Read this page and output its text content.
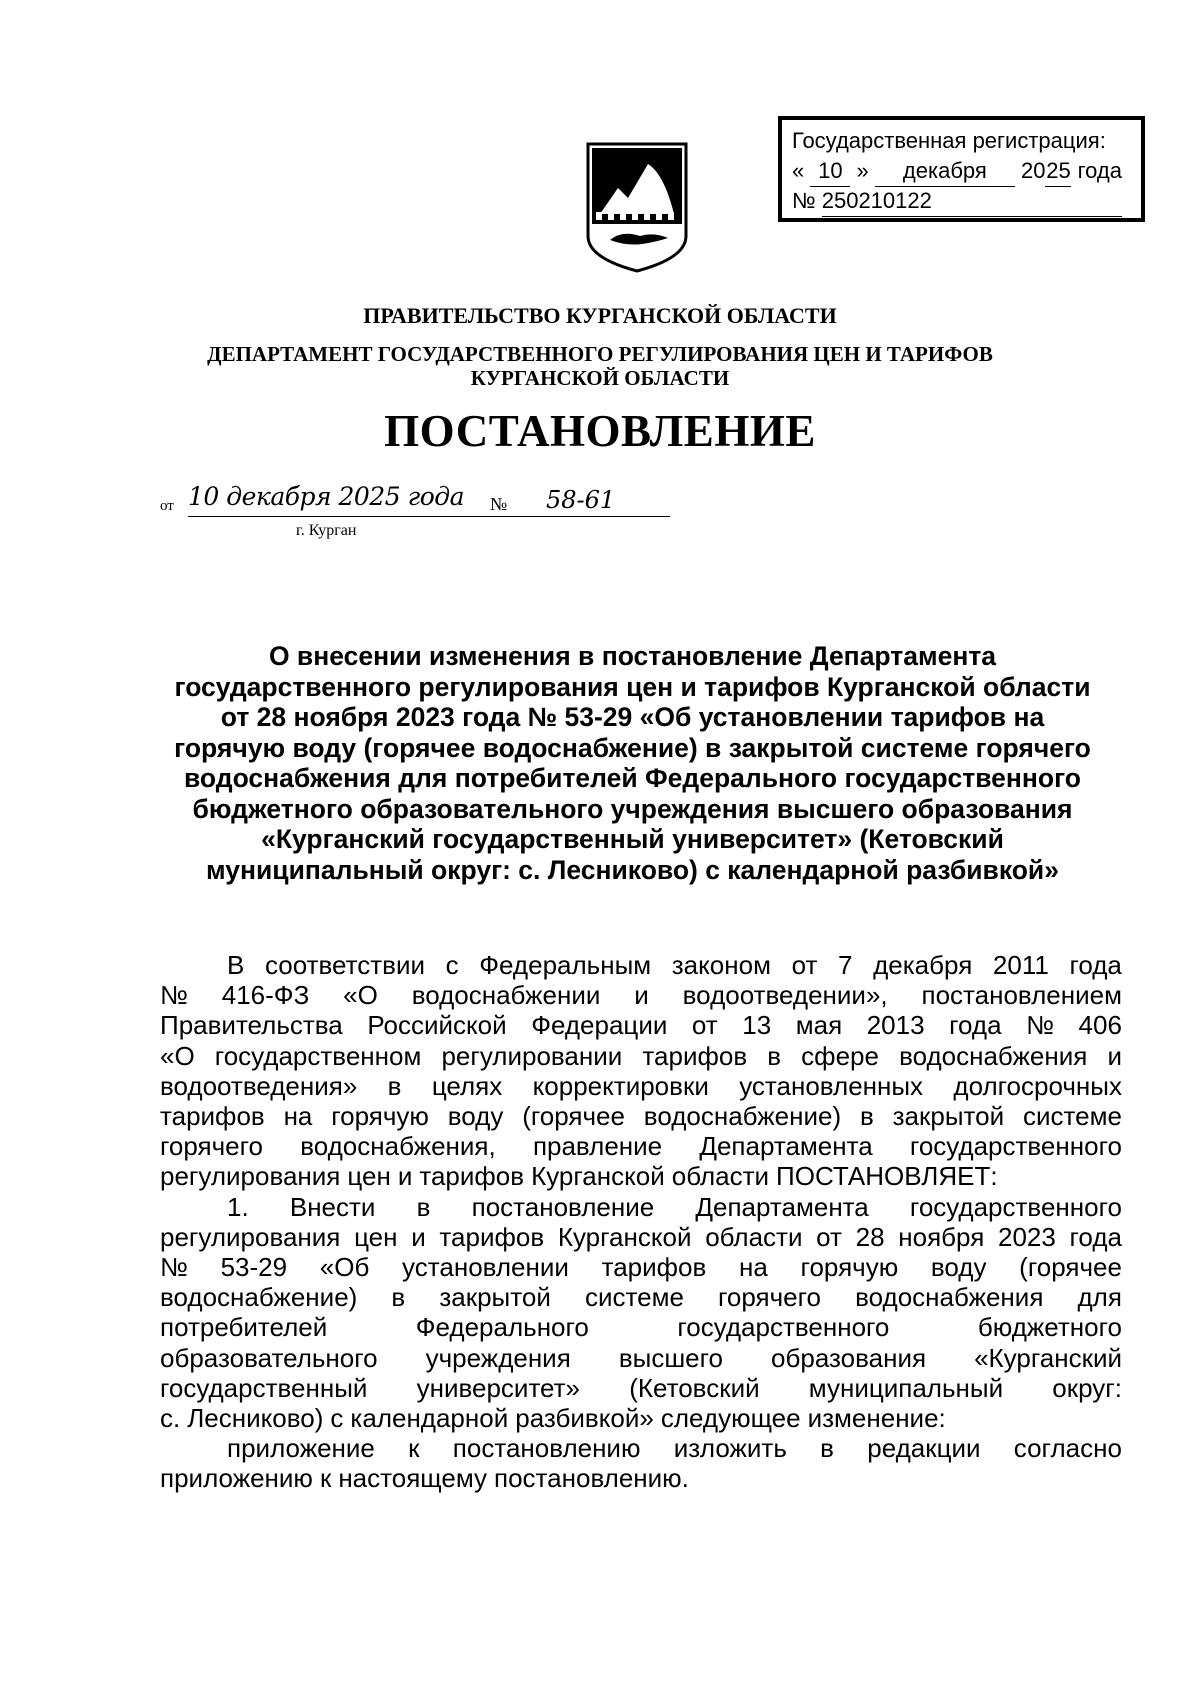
Государственная регистрация:
« 10 » декабря 2025 года
№ 250210122
ПРАВИТЕЛЬСТВО КУРГАНСКОЙ ОБЛАСТИ
ДЕПАРТАМЕНТ ГОСУДАРСТВЕННОГО РЕГУЛИРОВАНИЯ ЦЕН И ТАРИФОВ
КУРГАНСКОЙ ОБЛАСТИ
ПОСТАНОВЛЕНИЕ
от 10 декабря 2025 года № 58-61
г. Курган
О внесении изменения в постановление Департамента
государственного регулирования цен и тарифов Курганской области
от 28 ноября 2023 года № 53-29 «Об установлении тарифов на
горячую воду (горячее водоснабжение) в закрытой системе горячего
водоснабжения для потребителей Федерального государственного
бюджетного образовательного учреждения высшего образования
«Курганский государственный университет» (Кетовский
муниципальный округ: с. Лесниково) с календарной разбивкой»
В соответствии с Федеральным законом от 7 декабря 2011 года
№ 416-ФЗ «О водоснабжении и водоотведении», постановлением
Правительства Российской Федерации от 13 мая 2013 года № 406
«О государственном регулировании тарифов в сфере водоснабжения и
водоотведения» в целях корректировки установленных долгосрочных
тарифов на горячую воду (горячее водоснабжение) в закрытой системе
горячего водоснабжения, правление Департамента государственного
регулирования цен и тарифов Курганской области ПОСТАНОВЛЯЕТ:
1. Внести в постановление Департамента государственного
регулирования цен и тарифов Курганской области от 28 ноября 2023 года
№ 53-29 «Об установлении тарифов на горячую воду (горячее
водоснабжение) в закрытой системе горячего водоснабжения для
потребителей	Федерального	государственного	бюджетного
образовательного учреждения высшего образования «Курганский
государственный университет» (Кетовский муниципальный округ:
с. Лесниково) с календарной разбивкой» следующее изменение:
приложение к постановлению изложить в редакции согласно
приложению к настоящему постановлению.
